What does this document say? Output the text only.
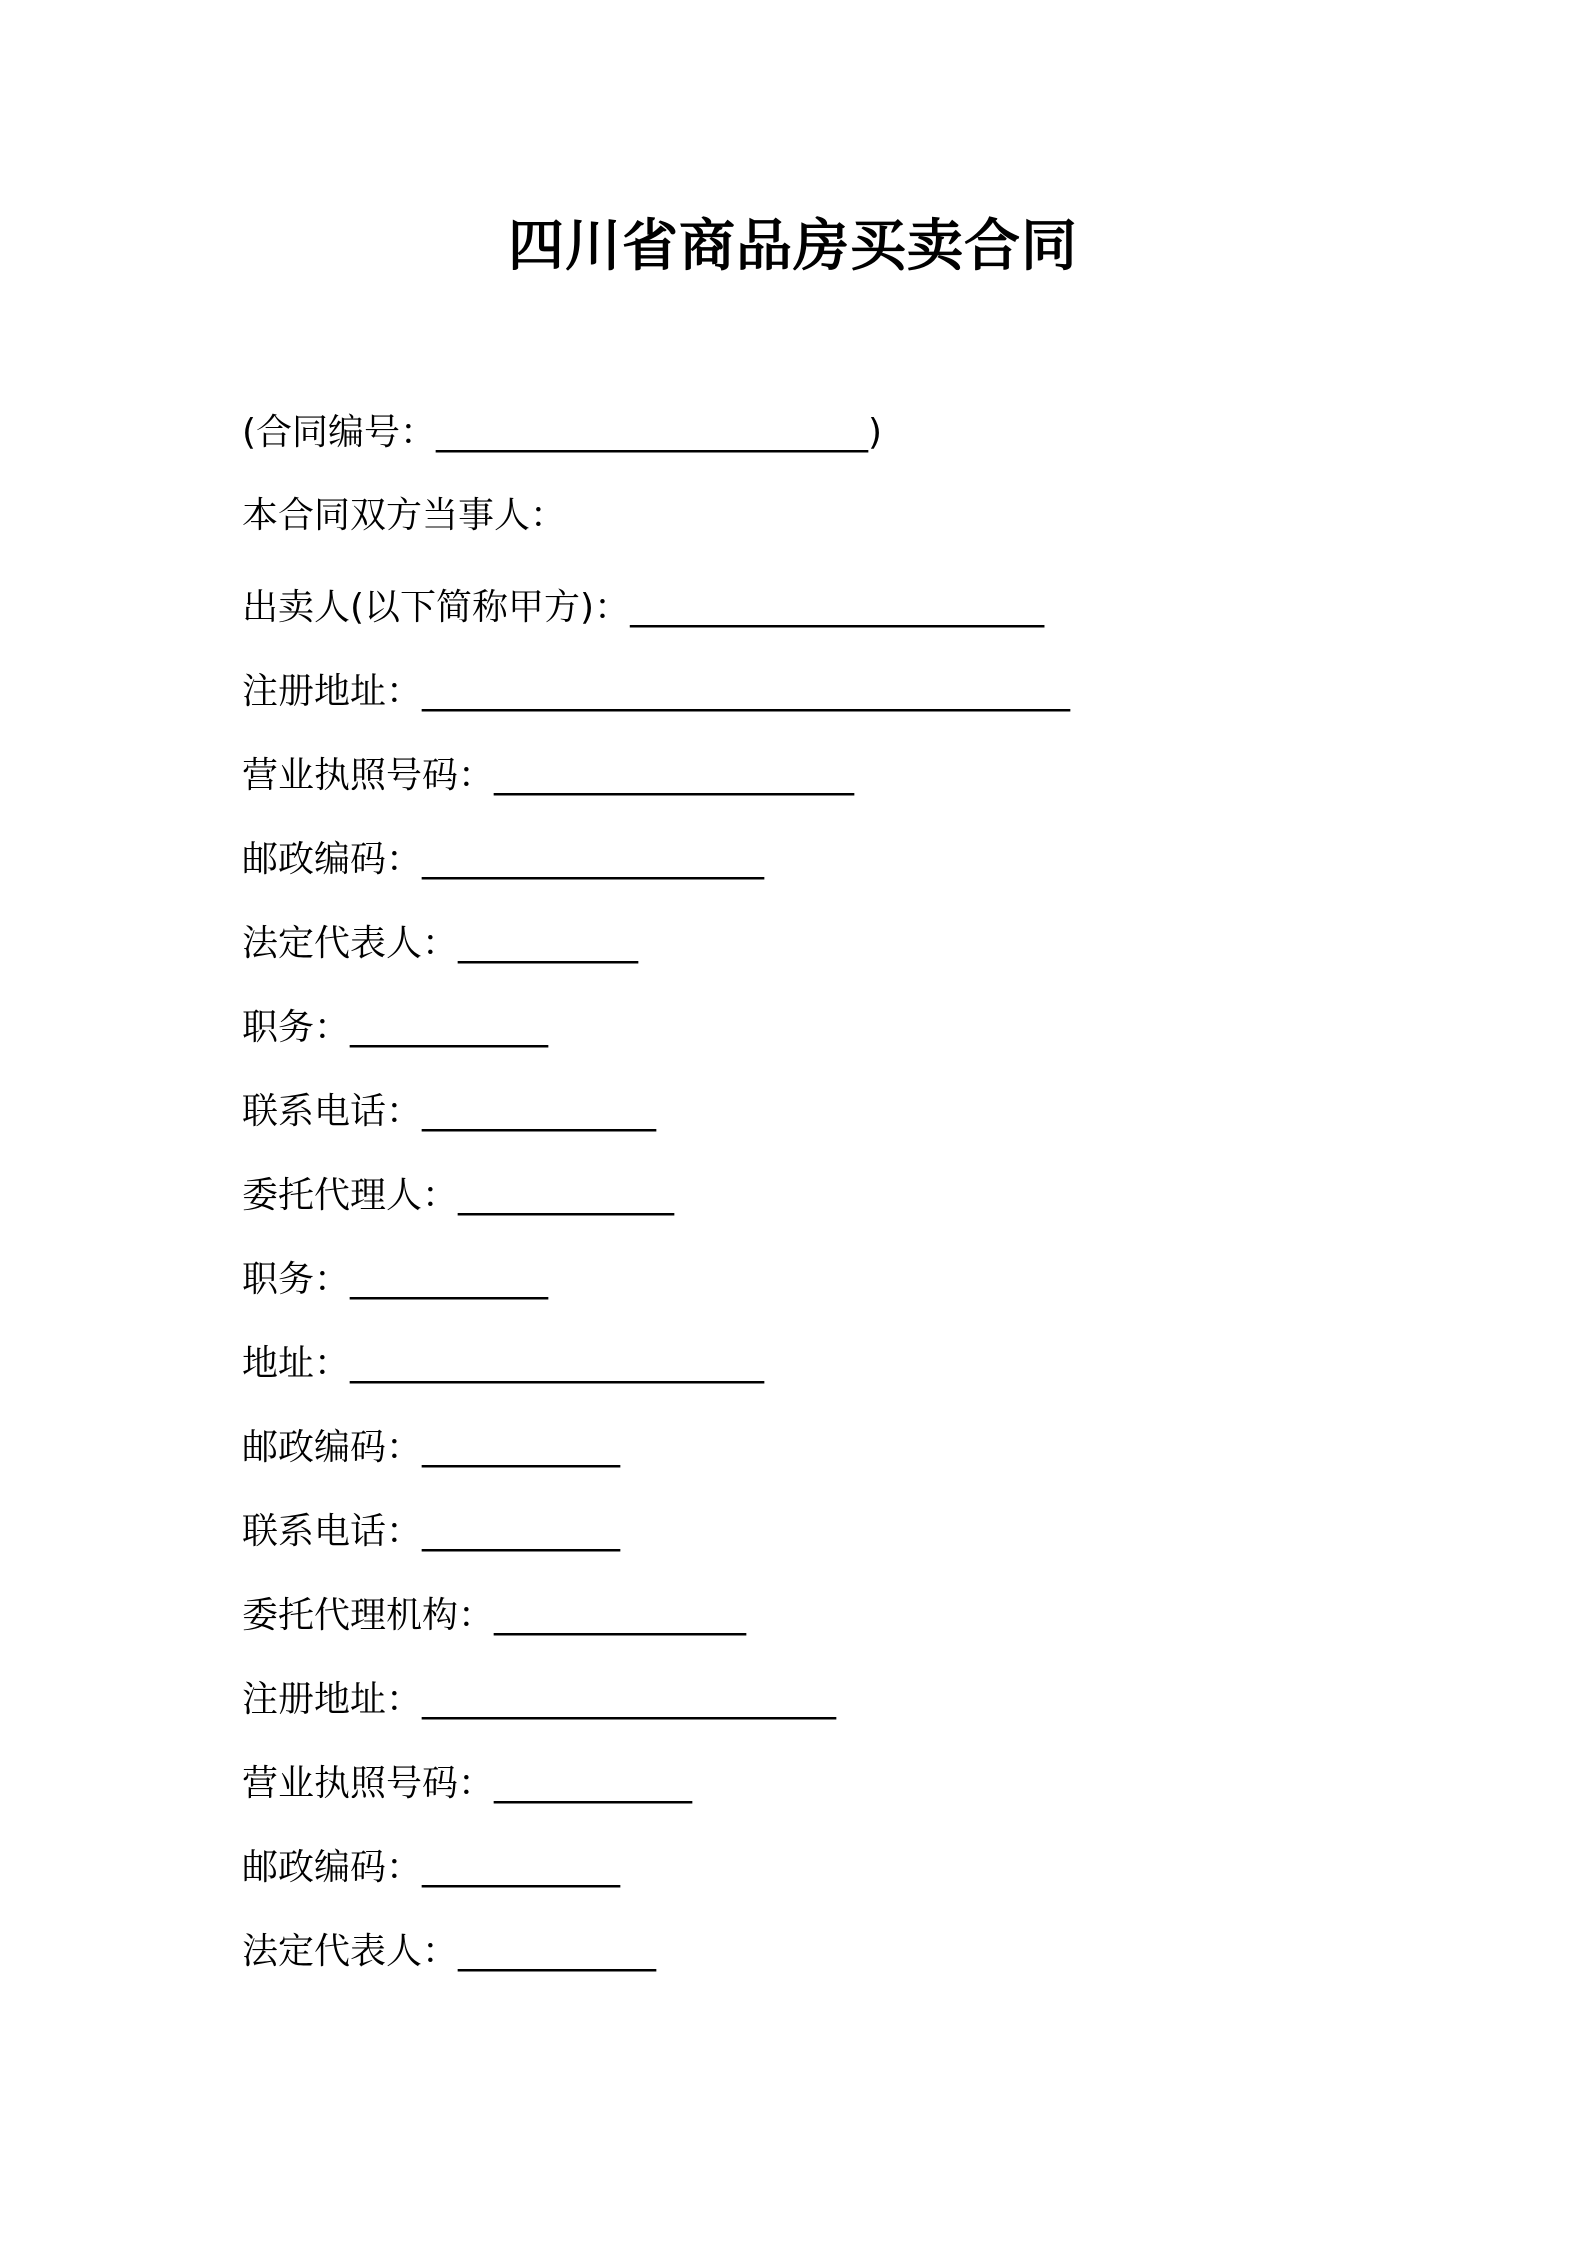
四川省商品房买卖合同
(合同编号：________________________)
本合同双方当事人：
出卖人(以下简称甲方)：_______________________
注册地址：____________________________________
营业执照号码：____________________
邮政编码：___________________
法定代表人：__________
职务：___________
联系电话：_____________
委托代理人：____________
职务：___________
地址：_______________________
邮政编码：___________
联系电话：___________
委托代理机构：______________
注册地址：_______________________
营业执照号码：___________
邮政编码：___________
法定代表人：___________
